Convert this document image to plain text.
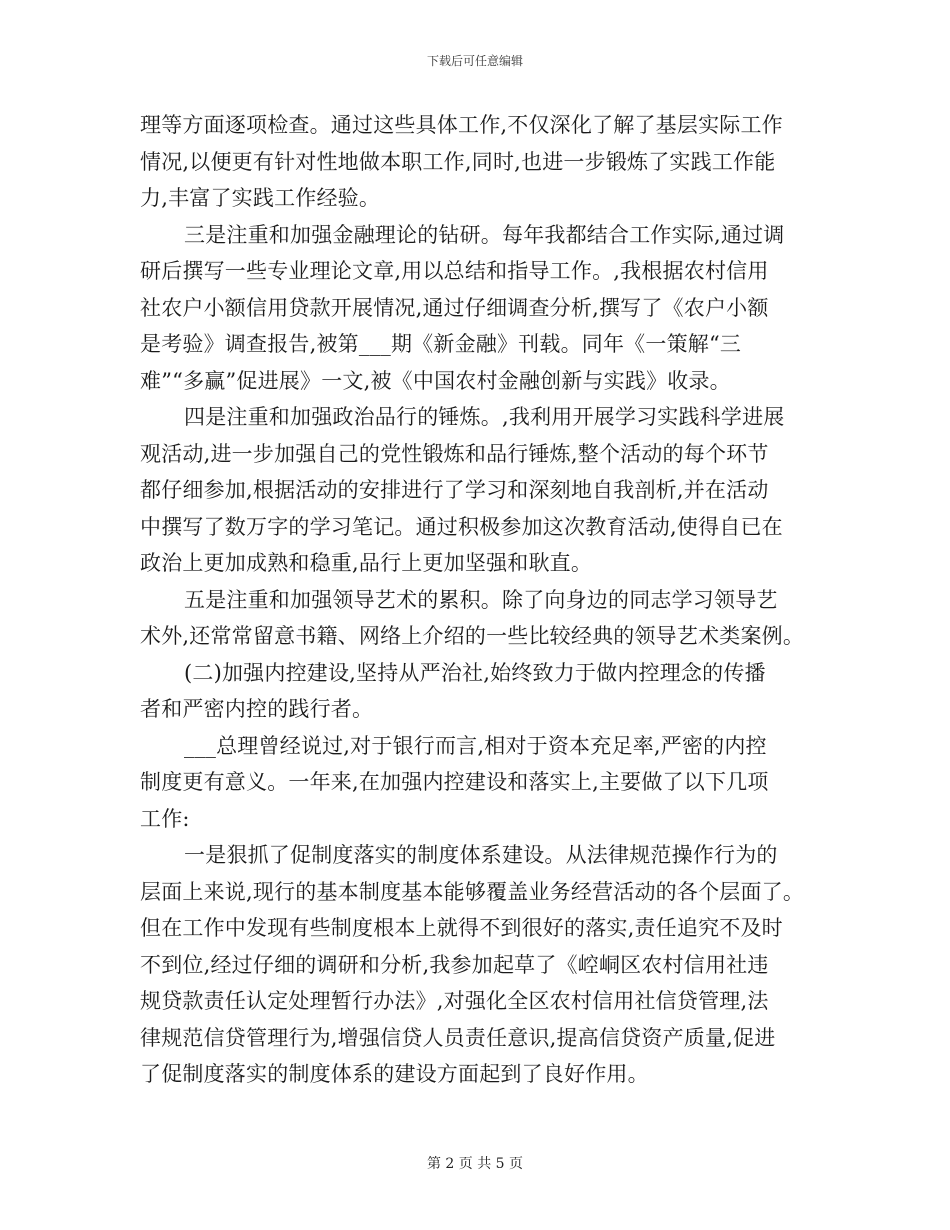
下载后可任意编辑
理等方面逐项检查。通过这些具体工作,不仅深化了解了基层实际工作
情况,以便更有针对性地做本职工作,同时,也进一步锻炼了实践工作能
力,丰富了实践工作经验。
三是注重和加强金融理论的钻研。每年我都结合工作实际,通过调
研后撰写一些专业理论文章,用以总结和指导工作。,我根据农村信用
社农户小额信用贷款开展情况,通过仔细调查分析,撰写了《农户小额
是考验》调查报告,被第___期《新金融》刊载。同年《一策解“三
难”“多赢”促进展》一文,被《中国农村金融创新与实践》收录。
四是注重和加强政治品行的锤炼。,我利用开展学习实践科学进展
观活动,进一步加强自己的党性锻炼和品行锤炼,整个活动的每个环节
都仔细参加,根据活动的安排进行了学习和深刻地自我剖析,并在活动
中撰写了数万字的学习笔记。通过积极参加这次教育活动,使得自已在
政治上更加成熟和稳重,品行上更加坚强和耿直。
五是注重和加强领导艺术的累积。除了向身边的同志学习领导艺
术外,还常常留意书籍、网络上介绍的一些比较经典的领导艺术类案例。
(二)加强内控建设,坚持从严治社,始终致力于做内控理念的传播
者和严密内控的践行者。
___总理曾经说过,对于银行而言,相对于资本充足率,严密的内控
制度更有意义。一年来,在加强内控建设和落实上,主要做了以下几项
工作:
一是狠抓了促制度落实的制度体系建设。从法律规范操作行为的
层面上来说,现行的基本制度基本能够覆盖业务经营活动的各个层面了。
但在工作中发现有些制度根本上就得不到很好的落实,责任追究不及时
不到位,经过仔细的调研和分析,我参加起草了《崆峒区农村信用社违
规贷款责任认定处理暂行办法》,对强化全区农村信用社信贷管理,法
律规范信贷管理行为,增强信贷人员责任意识,提高信贷资产质量,促进
了促制度落实的制度体系的建设方面起到了良好作用。
第 2 页 共 5 页
